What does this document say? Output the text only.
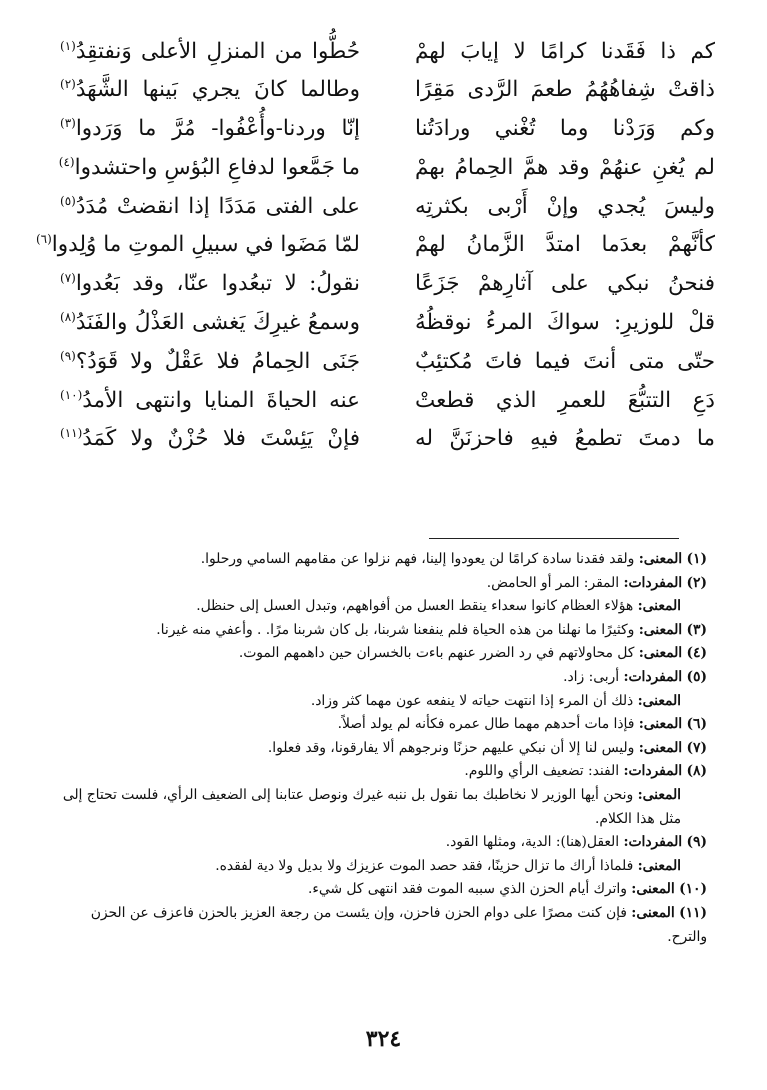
كم ذا فَقَدنا كرامًا لا إيابَ لهمْ
حُطُّوا من المنزلِ الأعلى وَنفتقِدُ$^{(١)}$
ذاقتْ شِفاهُهُمُ طعمَ الرَّدى مَقِرًا
وطالما كانَ يجري بَينها الشَّهَدُ$^{(٢)}$
وكم وَرَدْنا وما تُغْني ورادَتُنا
إنّا وردنا-وأُعْفُوا- مُرَّ ما وَرَدوا$^{(٣)}$
لم يُغنِ عنهُمْ وقد همَّ الحِمامُ بهمْ
ما جَمَّعوا لدفاعِ البُؤسِ واحتشدوا$^{(٤)}$
وليسَ يُجدي وإنْ أَرْبى بكثرتِه
على الفتى مَدَدًا إذا انقضتْ مُدَدُ$^{(٥)}$
كأنَّهمْ بعدَما امتدَّ الزَّمانُ لهمْ
لمّا مَضَوا في سبيلِ الموتِ ما وُلِدوا$^{(٦)}$
فنحنُ نبكي على آثارِهمْ جَزَعًا
نقولُ: لا تبعُدوا عنّا، وقد بَعُدوا$^{(٧)}$
قلْ للوزيرِ: سواكَ المرءُ نوقظُهُ
وسمعُ غيرِكَ يَغشى العَذْلُ والفَنَدُ$^{(٨)}$
حتّى متى أنتَ فيما فاتَ مُكتئِبٌ
جَنَى الحِمامُ فلا عَقْلٌ ولا قَوَدُ؟$^{(٩)}$
دَعِ التتبُّعَ للعمرِ الذي قطعتْ
عنه الحياةَ المنايا وانتهى الأمدُ$^{(١٠)}$
ما دمتَ تطمعُ فيهِ فاحزنَنَّ له
فإنْ يَئِسْتَ فلا حُزْنٌ ولا كَمَدُ$^{(١١)}$
(١) المعنى: ولقد فقدنا سادة كرامًا لن يعودوا إلينا، فهم نزلوا عن مقامهم السامي ورحلوا.
(٢) المفردات: المقر: المر أو الحامض.
المعنى: هؤلاء العظام كانوا سعداء ينقط العسل من أفواههم، وتبدل العسل إلى حنظل.
(٣) المعنى: وكثيرًا ما نهلنا من هذه الحياة فلم ينفعنا شربنا، بل كان شربنا مرًا. . وأعفي منه غيرنا.
(٤) المعنى: كل محاولاتهم في رد الضرر عنهم باءت بالخسران حين داهمهم الموت.
(٥) المفردات: أربى: زاد.
المعنى: ذلك أن المرء إذا انتهت حياته لا ينفعه عون مهما كثر وزاد.
(٦) المعنى: فإذا مات أحدهم مهما طال عمره فكأنه لم يولد أصلاً.
(٧) المعنى: وليس لنا إلا أن نبكي عليهم حزنًا ونرجوهم ألا يفارقونا، وقد فعلوا.
(٨) المفردات: الفند: تضعيف الرأي واللوم.
المعنى: ونحن أيها الوزير لا نخاطبك بما نقول بل ننبه غيرك ونوصل عتابنا إلى الضعيف الرأي، فلست تحتاج إلى مثل هذا الكلام.
(٩) المفردات: العقل(هنا): الدية، ومثلها القود.
المعنى: فلماذا أراك ما تزال حزينًا، فقد حصد الموت عزيزك ولا بديل ولا دية لفقده.
(١٠) المعنى: واترك أيام الحزن الذي سببه الموت فقد انتهى كل شيء.
(١١) المعنى: فإن كنت مصرًا على دوام الحزن فاحزن، وإن يئست من رجعة العزيز بالحزن فاعزف عن الحزن والترح.
٣٢٤
